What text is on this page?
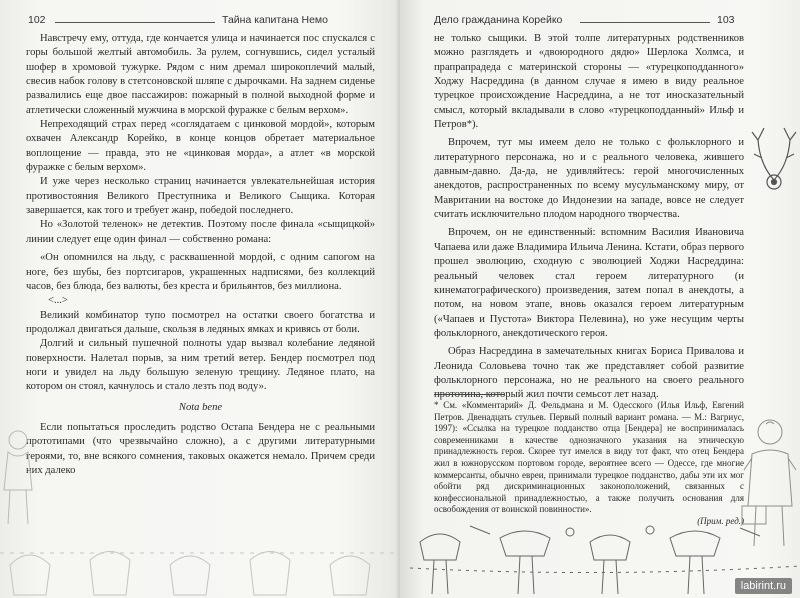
102	Тайна капитана Немо

Навстречу ему, оттуда, где кончается улица и начинается пос спускался с горы большой желтый автомобиль. За рулем, согнувшись, сидел усталый шофер в хромовой тужурке. Рядом с ним дремал широкоплечий малый, свесив набок голову в стетсоновской шляпе с дырочками. На заднем сиденье развалились еще двое пассажиров: пожарный в полной выходной форме и атлетически сложенный мужчина в морской фуражке с белым верхом».

Непреходящий страх перед «соглядатаем с цинковой мордой», которым охвачен Александр Корейко, в конце концов обретает материальное воплощение — правда, это не «цинковая морда», а атлет «в морской фуражке с белым верхом».

И уже через несколько страниц начинается увлекательнейшая история противостояния Великого Преступника и Великого Сыщика. Которая завершается, как того и требует жанр, победой последнего.

Но «Золотой теленок» не детектив. Поэтому после финала «сыщицкой» линии следует еще один финал — собственно романа:

«Он опомнился на льду, с расквашенной мордой, с одним сапогом на ноге, без шубы, без портсигаров, украшенных надписями, без коллекций часов, без блюда, без валюты, без креста и брильянтов, без миллиона.

<...>

Великий комбинатор тупо посмотрел на остатки своего богатства и продолжал двигаться дальше, скользя в ледяных ямках и кривясь от боли.

Долгий и сильный пушечной полноты удар вызвал колебание ледяной поверхности. Налетал порыв, за ним третий ветер. Бендер посмотрел под ноги и увидел на льду большую зеленую трещину. Ледяное плато, на котором он стоял, качнулось и стало лезть под воду».

Nota bene

Если попытаться проследить родство Остапа Бендера не с реальными прототипами (что чрезвычайно сложно), а с другими литературными героями, то, вне всякого сомнения, таковых окажется немало. Причем среди них далеко

Дело гражданина Корейко	103

не только сыщики. В этой толпе литературных родственников можно разглядеть и «двоюродного дядю» Шерлока Холмса, и прапрапрадеда с материнской стороны — «турецкоподданного» Ходжу Насреддина (в данном случае я имею в виду реальное турецкое происхождение Насреддина, а не тот иносказательный смысл, который вкладывали в слово «турецкоподданный» Ильф и Петров*).

Впрочем, тут мы имеем дело не только с фольклорного и литературного персонажа, но и с реального человека, жившего давным-давно. Да-да, не удивляйтесь: герой многочисленных анекдотов, распространенных по всему мусульманскому миру, от Мавритании на востоке до Индонезии на западе, вовсе не следует считать исключительно плодом народного творчества.

Впрочем, он не единственный: вспомним Василия Ивановича Чапаева или даже Владимира Ильича Ленина. Кстати, образ первого прошел эволюцию, сходную с эволюцией Ходжи Насреддина: реальный человек стал героем литературного (и кинематографического) произведения, затем попал в анекдоты, а потом, на новом этапе, вновь оказался героем литературным («Чапаев и Пустота» Виктора Пелевина), но уже несущим черты фольклорного, анекдотического героя.

Образ Насреддина в замечательных книгах Бориса Привалова и Леонида Соловьева точно так же представляет собой развитие фольклорного персонажа, но не реального на своего реального прототипа, который жил почти семьсот лет назад.

* См. «Комментарий» Д. Фельдмана и М. Одесского (Илья Ильф, Евгений Петров. Двенадцать стульев. Первый полный вариант романа. — М.: Вагриус, 1997): «Ссылка на турецкое подданство отца [Бендера] не воспринималась современниками в качестве однозначного указания на этническую принадлежность героя. Скорее тут имелся в виду тот факт, что отец Бендера жил в южнорусском портовом городе, вероятнее всего — Одессе, где многие коммерсанты, обычно евреи, принимали турецкое подданство, дабы эти их мог обойти ряд дискриминационных законоположений, связанных с конфессиональной принадлежностью, а также получить основания для освобождения от воинской повинности».

(Прим. ред.)

labirint.ru
